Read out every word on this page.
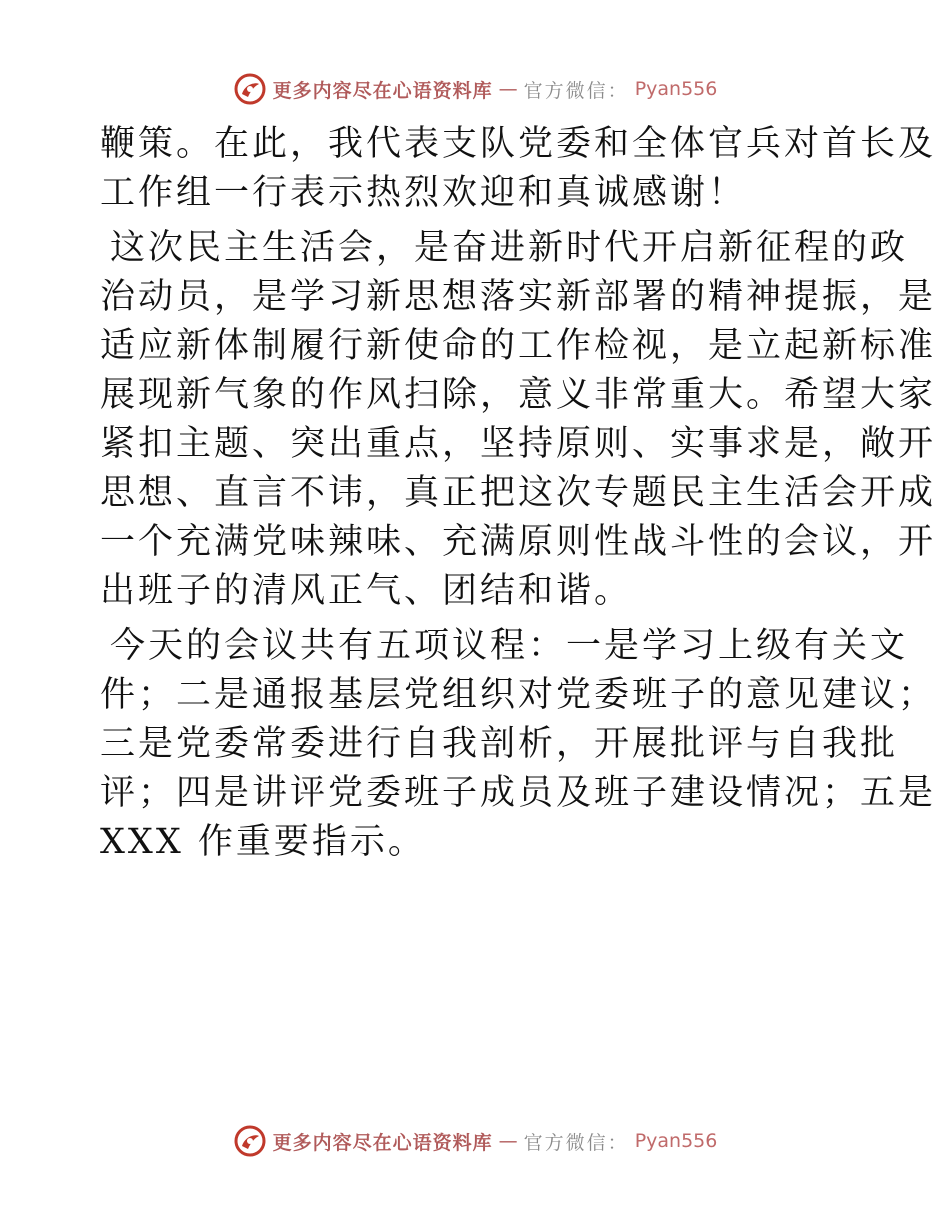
更多内容尽在心语资料库 — 官方微信： Pyan556

鞭策。在此，我代表支队党委和全体官兵对首长及
工作组一行表示热烈欢迎和真诚感谢！

这次民主生活会，是奋进新时代开启新征程的政
治动员，是学习新思想落实新部署的精神提振，是
适应新体制履行新使命的工作检视，是立起新标准
展现新气象的作风扫除，意义非常重大。希望大家
紧扣主题、突出重点，坚持原则、实事求是，敞开
思想、直言不讳，真正把这次专题民主生活会开成
一个充满党味辣味、充满原则性战斗性的会议，开
出班子的清风正气、团结和谐。

今天的会议共有五项议程：一是学习上级有关文
件；二是通报基层党组织对党委班子的意见建议；
三是党委常委进行自我剖析，开展批评与自我批
评；四是讲评党委班子成员及班子建设情况；五是
XXX 作重要指示。

更多内容尽在心语资料库 — 官方微信： Pyan556
